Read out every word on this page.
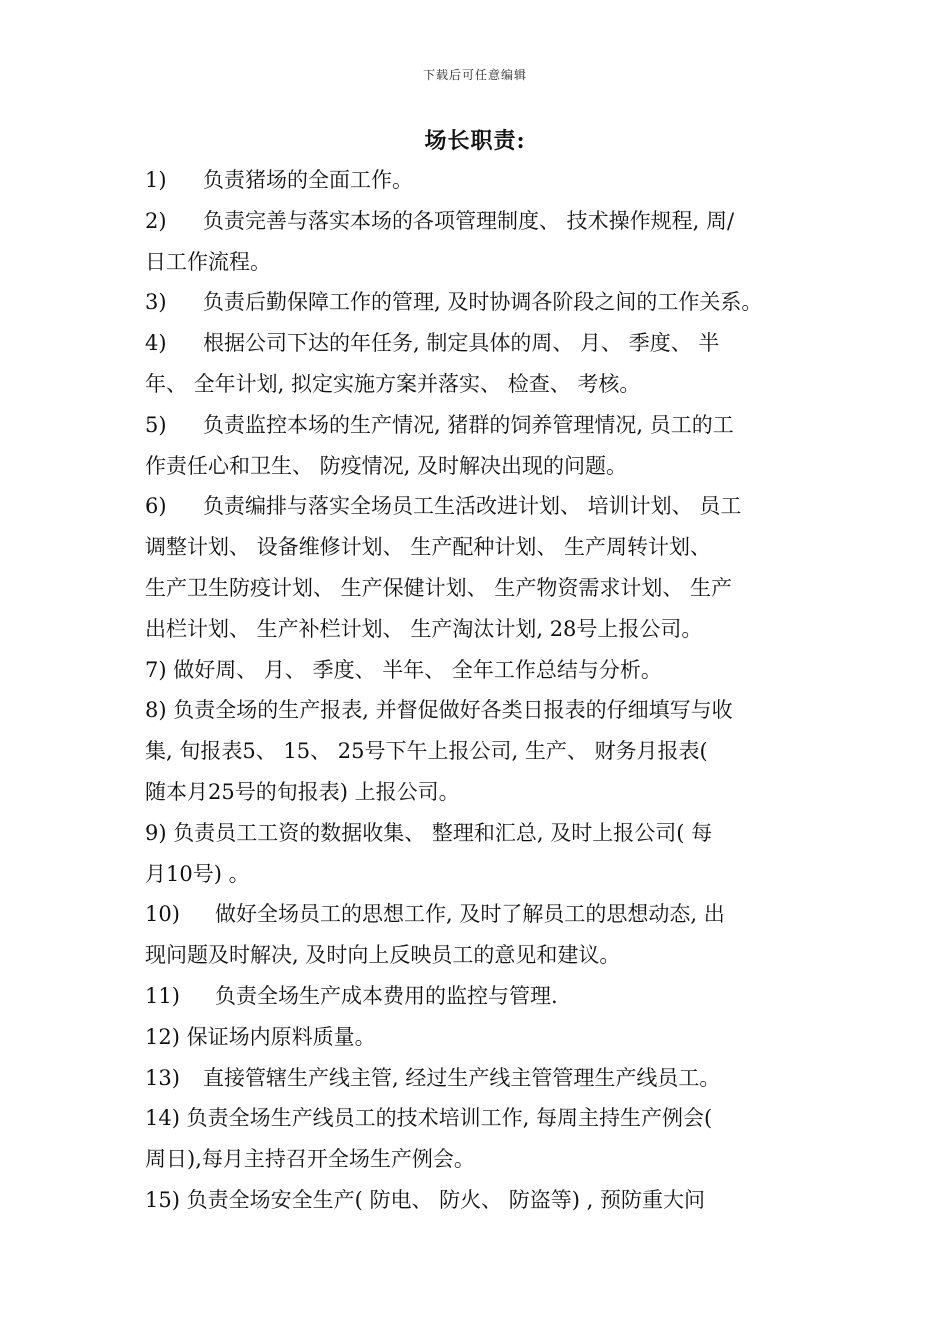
下载后可任意编辑
场长职责:
1) 负责猪场的全面工作。
2) 负责完善与落实本场的各项管理制度、 技术操作规程, 周/
日工作流程。
3) 负责后勤保障工作的管理, 及时协调各阶段之间的工作关系。
4) 根据公司下达的年任务, 制定具体的周、 月、 季度、 半
年、 全年计划, 拟定实施方案并落实、 检查、 考核。
5) 负责监控本场的生产情况, 猪群的饲养管理情况, 员工的工
作责任心和卫生、 防疫情况, 及时解决出现的问题。
6) 负责编排与落实全场员工生活改进计划、 培训计划、 员工
调整计划、 设备维修计划、 生产配种计划、 生产周转计划、
生产卫生防疫计划、 生产保健计划、 生产物资需求计划、 生产
出栏计划、 生产补栏计划、 生产淘汰计划, 28号上报公司。
7) 做好周、 月、 季度、 半年、 全年工作总结与分析。
8) 负责全场的生产报表, 并督促做好各类日报表的仔细填写与收
集, 旬报表5、 15、 25号下午上报公司, 生产、 财务月报表(
随本月25号的旬报表) 上报公司。
9) 负责员工工资的数据收集、 整理和汇总, 及时上报公司( 每
月10号) 。
10) 做好全场员工的思想工作, 及时了解员工的思想动态, 出
现问题及时解决, 及时向上反映员工的意见和建议。
11) 负责全场生产成本费用的监控与管理.
12) 保证场内原料质量。
13) 直接管辖生产线主管, 经过生产线主管管理生产线员工。
14) 负责全场生产线员工的技术培训工作, 每周主持生产例会(
周日),每月主持召开全场生产例会。
15) 负责全场安全生产( 防电、 防火、 防盗等) , 预防重大问
